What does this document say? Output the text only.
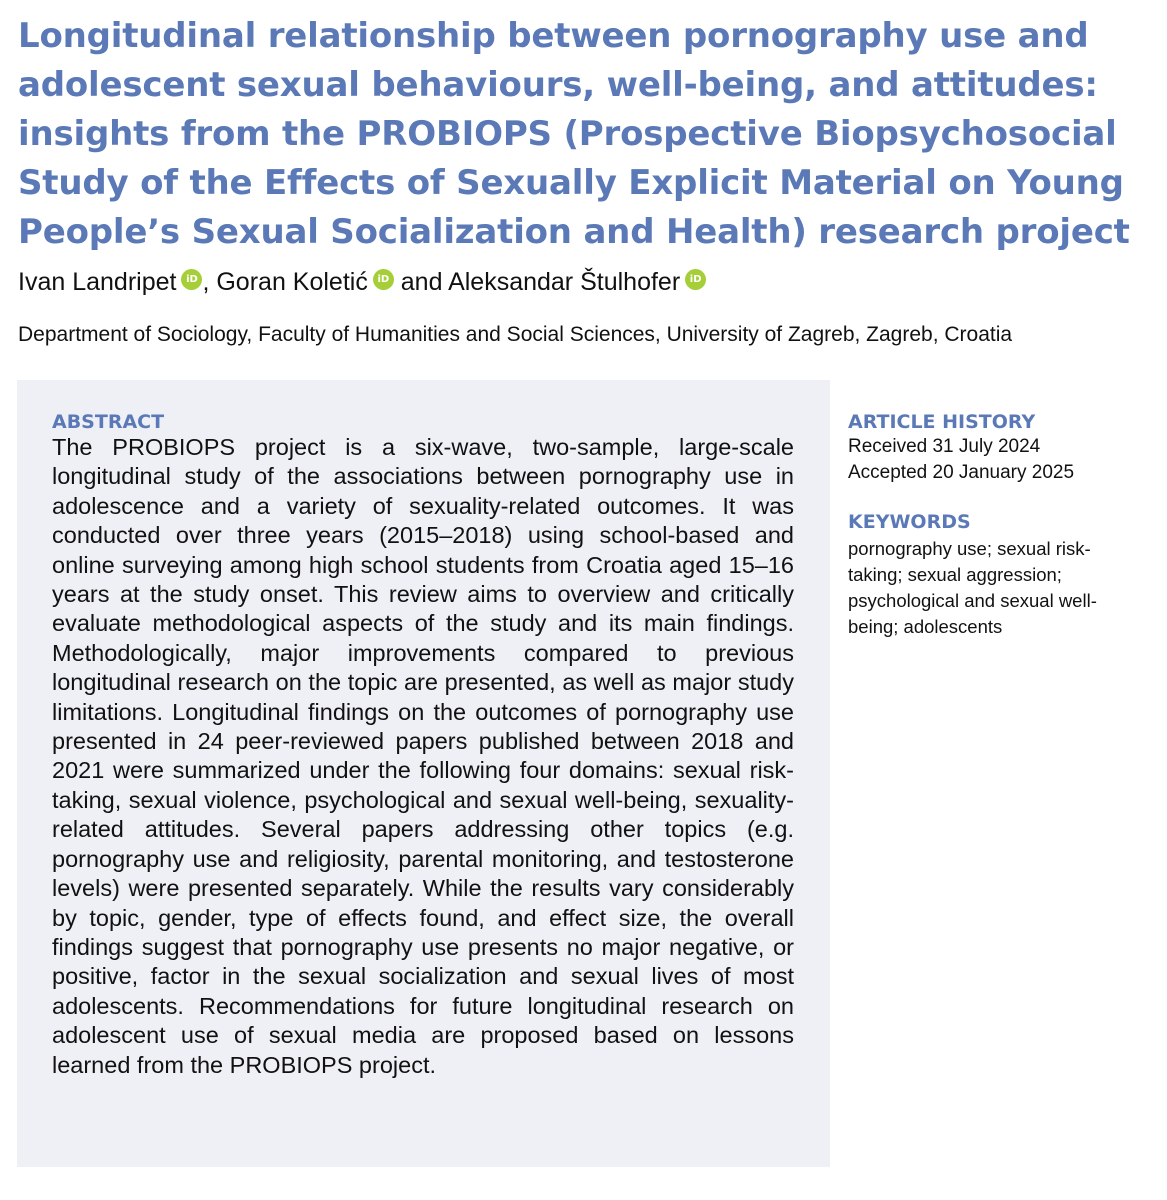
Longitudinal relationship between pornography use and adolescent sexual behaviours, well-being, and attitudes: insights from the PROBIOPS (Prospective Biopsychosocial Study of the Effects of Sexually Explicit Material on Young People’s Sexual Socialization and Health) research project
Ivan Landripet iD , Goran Koletić iD and Aleksandar Štulhofer iD
Department of Sociology, Faculty of Humanities and Social Sciences, University of Zagreb, Zagreb, Croatia
ABSTRACT

The PROBIOPS project is a six-wave, two-sample, large-scale longitudinal study of the associations between pornography use in adolescence and a variety of sexuality-related outcomes. It was conducted over three years (2015–2018) using school-based and online surveying among high school students from Croatia aged 15–16 years at the study onset. This review aims to overview and critically evaluate methodological aspects of the study and its main findings. Methodologically, major improvements compared to previous longitudinal research on the topic are presented, as well as major study limitations. Longitudinal findings on the outcomes of pornography use presented in 24 peer-reviewed papers published between 2018 and 2021 were summarized under the following four domains: sexual risk-taking, sexual violence, psychological and sexual well-being, sexuality-related attitudes. Several papers addressing other topics (e.g. pornography use and religiosity, parental monitoring, and testosterone levels) were presented separately. While the results vary considerably by topic, gender, type of effects found, and effect size, the overall findings suggest that pornography use presents no major negative, or positive, factor in the sexual socialization and sexual lives of most adolescents. Recommendations for future longitudinal research on adolescent use of sexual media are proposed based on lessons learned from the PROBIOPS project.

ARTICLE HISTORY

Received 31 July 2024

Accepted 20 January 2025

KEYWORDS

pornography use; sexual risk-taking; sexual aggression; psychological and sexual well-being; adolescents
